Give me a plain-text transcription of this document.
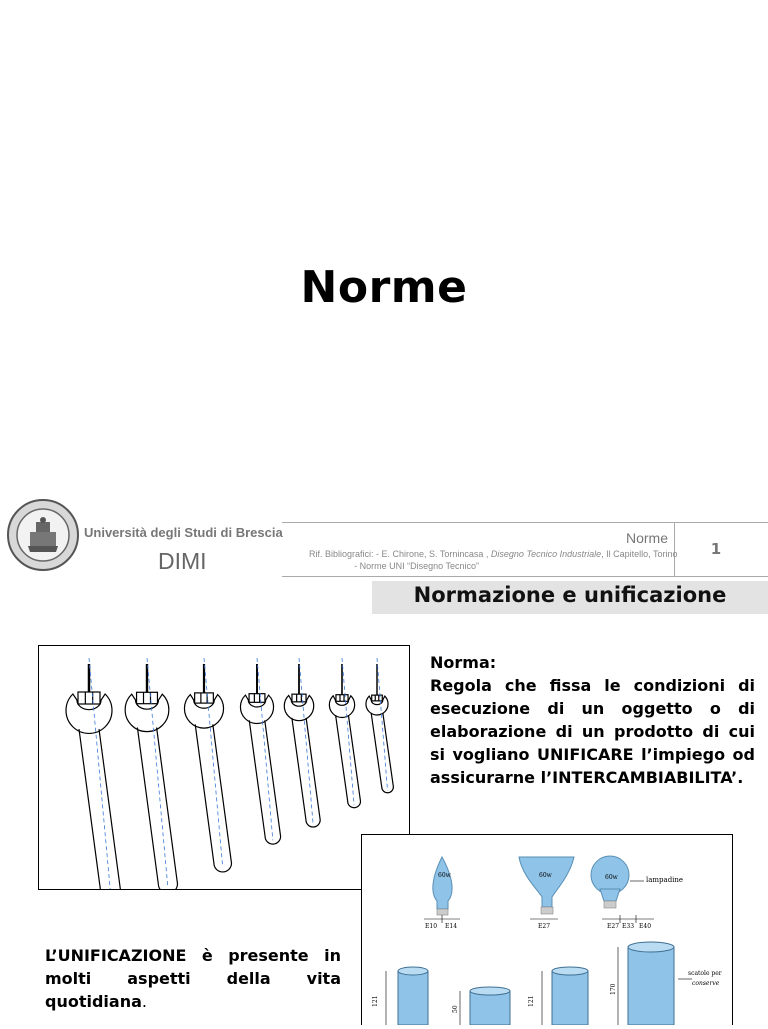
Norme
Università degli Studi di Brescia
DIMI
Norme
1
Rif. Bibliografici: - E. Chirone, S. Tornincasa , Disegno Tecnico Industriale, Il Capitello, Torino
- Norme UNI “Disegno Tecnico”
Normazione e unificazione
Norma:
Regola che fissa le condizioni di esecuzione di un oggetto o di elaborazione di un prodotto di cui si vogliano UNIFICARE l’impiego od assicurarne l’INTERCAMBIABILITA’.
60w	60w	60w	lampadine
E10 E14	E27	E27 E33 E40
121
50
121
170
scatole per
conserve
L’UNIFICAZIONE è presente in molti aspetti della vita quotidiana.
